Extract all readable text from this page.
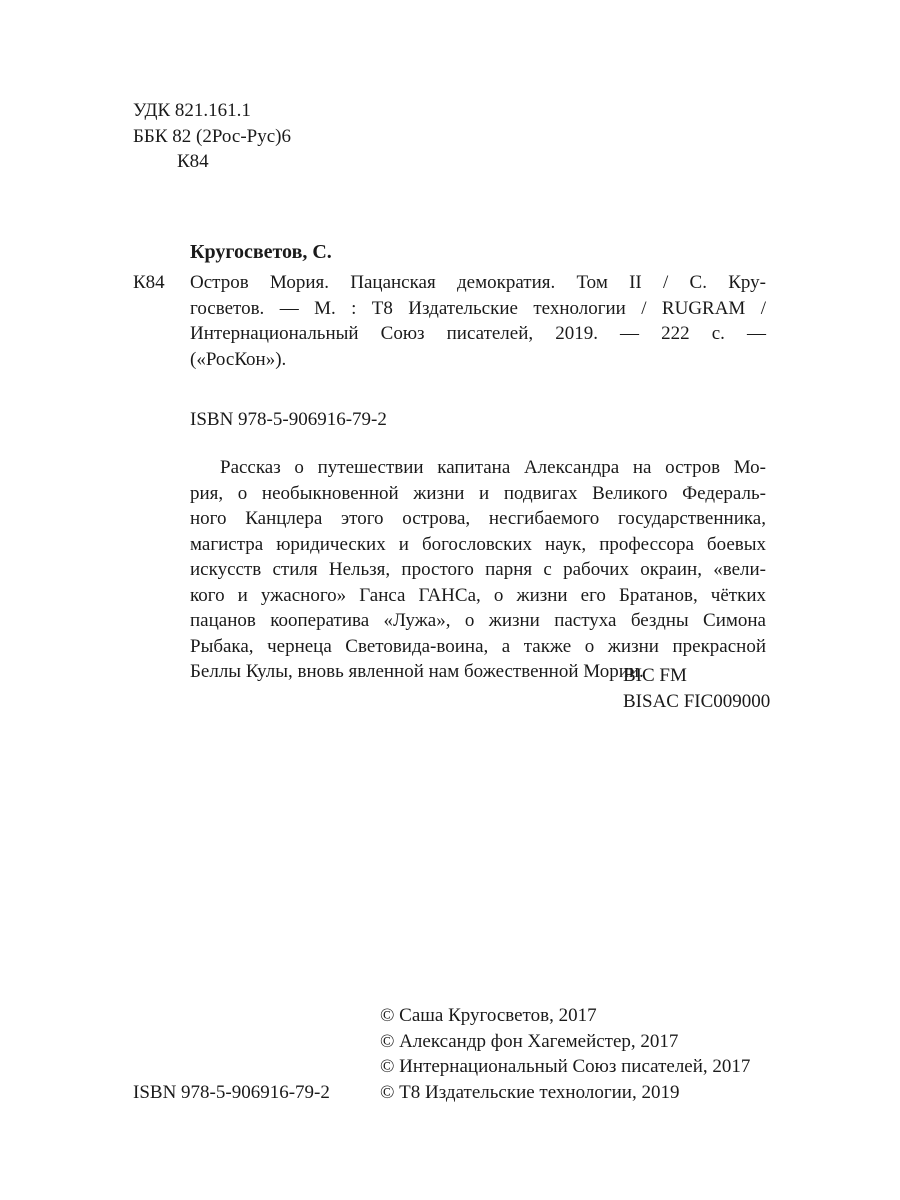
УДК 821.161.1
ББК 82 (2Рос-Рус)6
К84
Кругосветов, С.
К84 Остров Мория. Пацанская демократия. Том II / С. Кру-
госветов. — М. : Т8 Издательские технологии / RUGRAM /
Интернациональный Союз писателей, 2019. — 222 с. —
(«РосКон»).
ISBN 978-5-906916-79-2
Рассказ о путешествии капитана Александра на остров Мо-
рия, о необыкновенной жизни и подвигах Великого Федераль-
ного Канцлера этого острова, несгибаемого государственника,
магистра юридических и богословских наук, профессора боевых
искусств стиля Нельзя, простого парня с рабочих окраин, «вели-
кого и ужасного» Ганса ГАНСа, о жизни его Братанов, чётких
пацанов кооператива «Лужа», о жизни пастуха бездны Симона
Рыбака, чернеца Световида-воина, а также о жизни прекрасной
Беллы Кулы, вновь явленной нам божественной Мории.
BIC FM
BISAC FIC009000
© Саша Кругосветов, 2017
© Александр фон Хагемейстер, 2017
© Интернациональный Союз писателей, 2017
© Т8 Издательские технологии, 2019
ISBN 978-5-906916-79-2
